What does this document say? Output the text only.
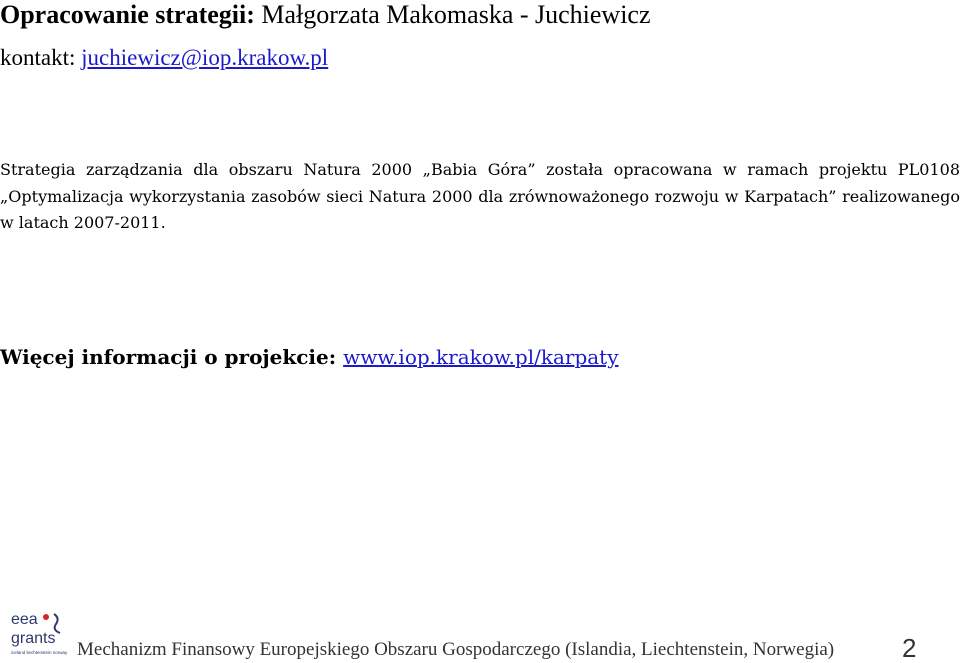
Opracowanie strategii: Małgorzata Makomaska - Juchiewicz
kontakt: juchiewicz@iop.krakow.pl
Strategia zarządzania dla obszaru Natura 2000 „Babia Góra” została opracowana w ramach projektu PL0108 „Optymalizacja wykorzystania zasobów sieci Natura 2000 dla zrównoważonego rozwoju w Karpatach” realizowanego w latach 2007-2011.
Więcej informacji o projekcie: www.iop.krakow.pl/karpaty
eea
grants
iceland liechtenstein norway Mechanizm Finansowy Europejskiego Obszaru Gospodarczego (Islandia, Liechtenstein, Norwegia)	2
